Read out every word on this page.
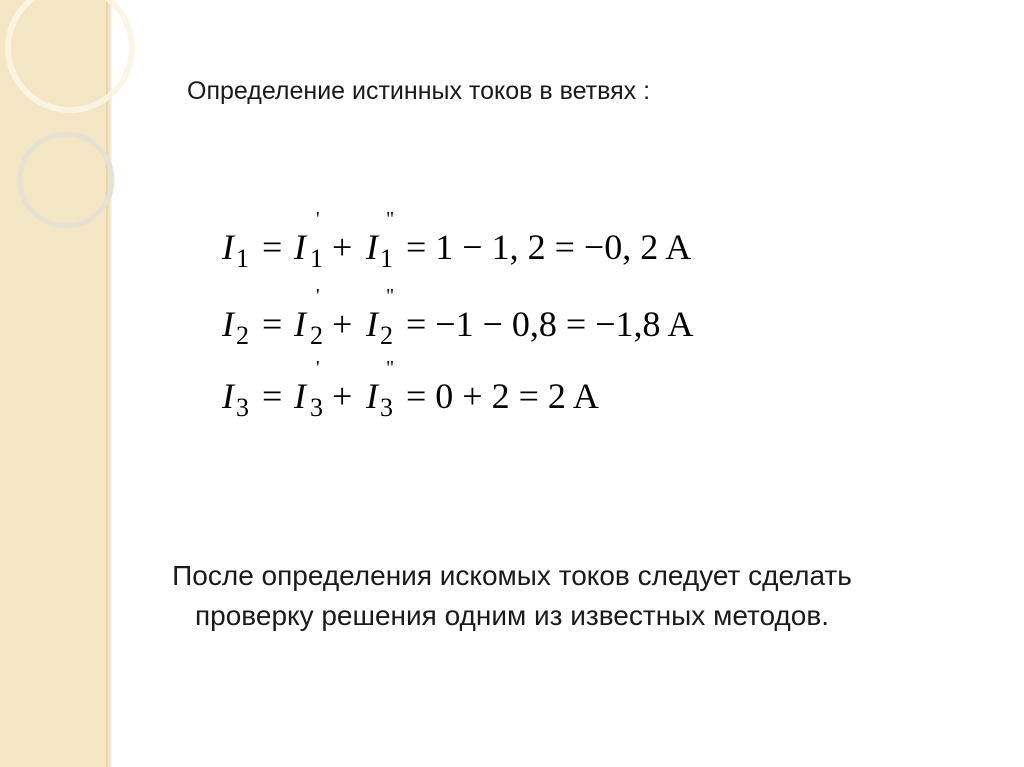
Определение истинных токов в ветвях :
I 1 = I 1
'
+ I 1
"
= 1 − 1, 2 = −0, 2 A
I 2 = I 2
'
+ I 2
"
= −1 − 0,8 = −1,8 A
I 3 = I 3
'
+ I 3
"
= 0 + 2 = 2 A
После определения искомых токов следует сделать
проверку решения одним из известных методов.
